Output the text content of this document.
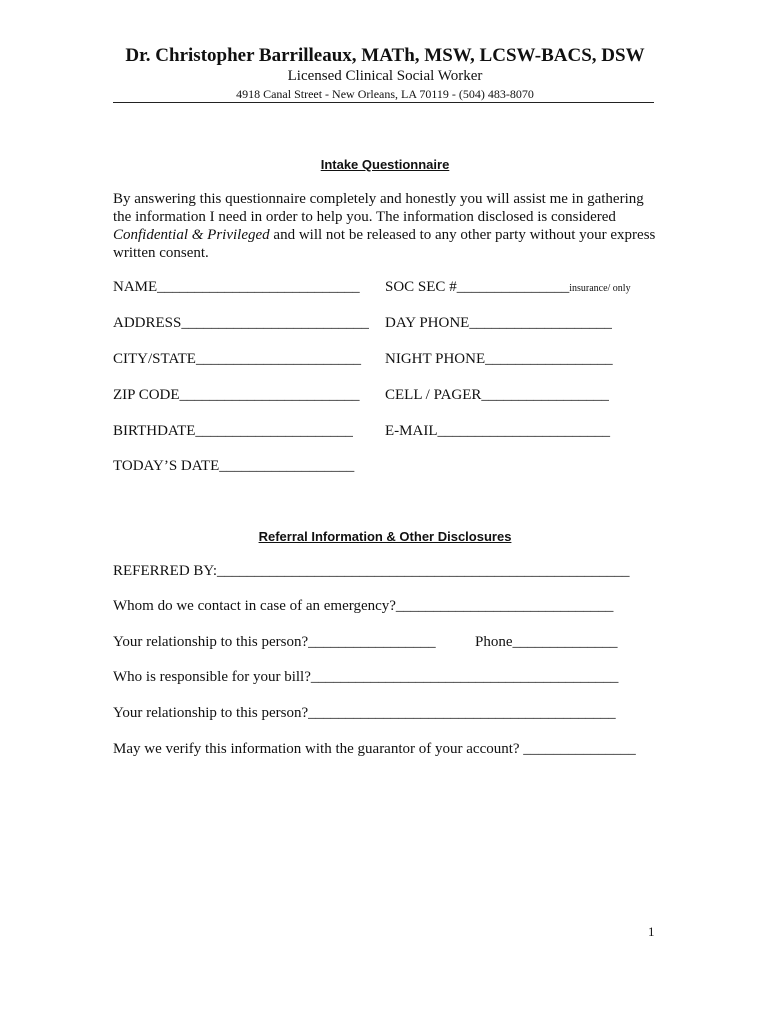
Dr. Christopher Barrilleaux, MATh, MSW, LCSW-BACS, DSW
Licensed Clinical Social Worker
4918 Canal Street - New Orleans, LA 70119 - (504) 483-8070
Intake Questionnaire
By answering this questionnaire completely and honestly you will assist me in gathering the information I need in order to help you. The information disclosed is considered Confidential & Privileged and will not be released to any other party without your express written consent.
NAME___________________________
ADDRESS_________________________
CITY/STATE______________________
ZIP CODE________________________
BIRTHDATE_____________________
TODAY’S DATE__________________
SOC SEC #_______________insurance/ only
DAY PHONE___________________
NIGHT PHONE_________________
CELL / PAGER_________________
E-MAIL_______________________
Referral Information & Other Disclosures
REFERRED BY:_______________________________________________________
Whom do we contact in case of an emergency?_____________________________
Your relationship to this person?_________________	Phone______________
Who is responsible for your bill?_________________________________________
Your relationship to this person?_________________________________________
May we verify this information with the guarantor of your account? _______________
1
